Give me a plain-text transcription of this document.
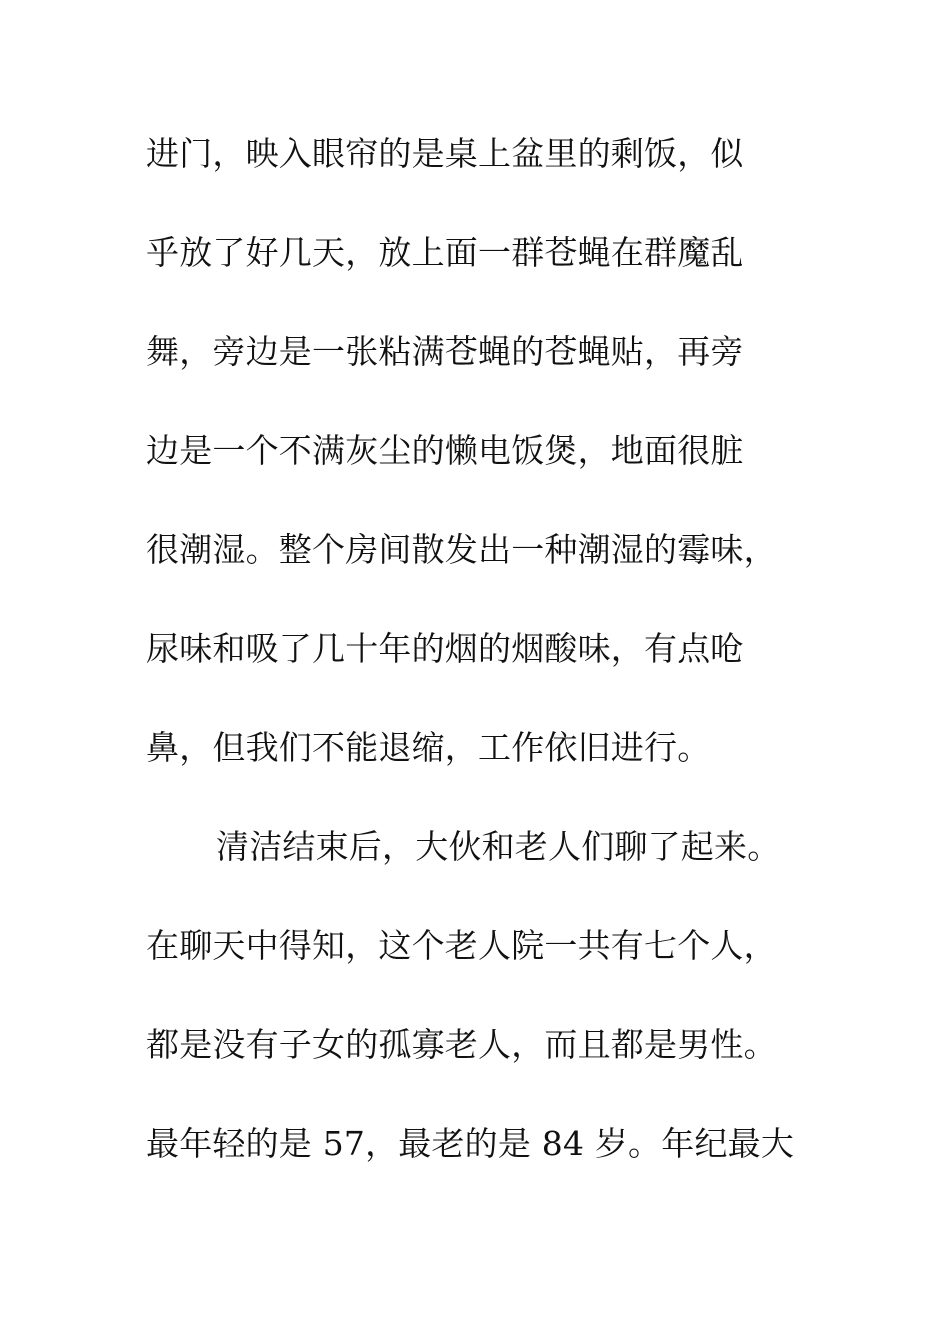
进门，映入眼帘的是桌上盆里的剩饭，似
乎放了好几天，放上面一群苍蝇在群魔乱
舞，旁边是一张粘满苍蝇的苍蝇贴，再旁
边是一个不满灰尘的懒电饭煲，地面很脏
很潮湿。整个房间散发出一种潮湿的霉味，
尿味和吸了几十年的烟的烟酸味，有点呛
鼻，但我们不能退缩，工作依旧进行。
清洁结束后，大伙和老人们聊了起来。
在聊天中得知，这个老人院一共有七个人，
都是没有子女的孤寡老人，而且都是男性。
最年轻的是 57，最老的是 84 岁。年纪最大
